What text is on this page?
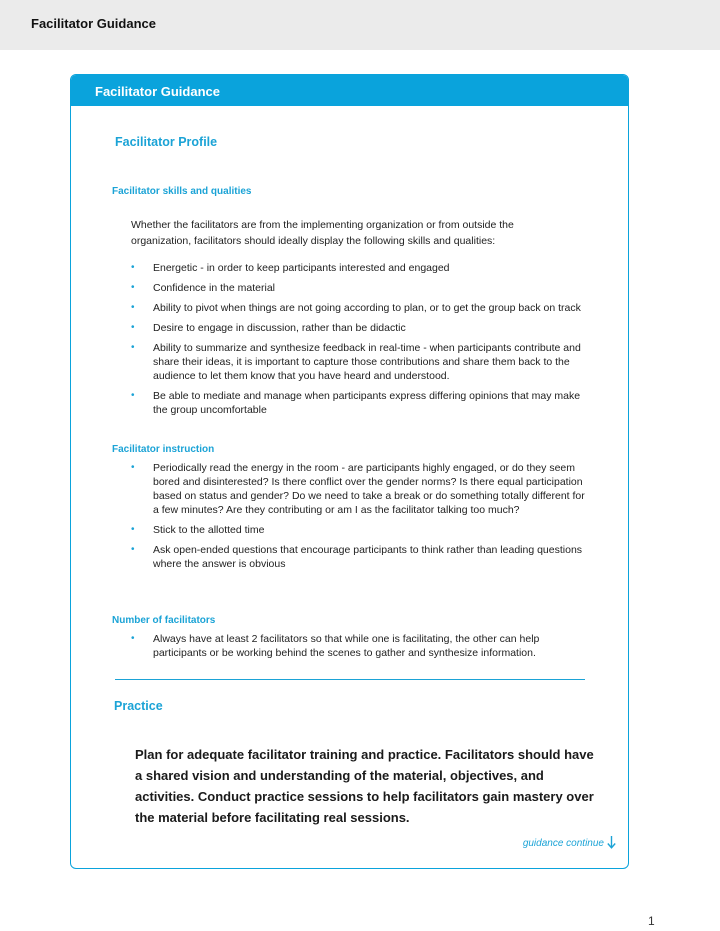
Facilitator Guidance
Facilitator Guidance
Facilitator Profile
Facilitator skills and qualities
Whether the facilitators are from the implementing organization or from outside the
organization, facilitators should ideally display the following skills and qualities:
• Energetic - in order to keep participants interested and engaged
• Confidence in the material
• Ability to pivot when things are not going according to plan, or to get the group back on track
• Desire to engage in discussion, rather than be didactic
• Ability to summarize and synthesize feedback in real-time - when participants contribute and share their ideas, it is important to capture those contributions and share them back to the audience to let them know that you have heard and understood.
• Be able to mediate and manage when participants express differing opinions that may make the group uncomfortable
Facilitator instruction
• Periodically read the energy in the room - are participants highly engaged, or do they seem bored and disinterested? Is there conflict over the gender norms? Is there equal participation based on status and gender? Do we need to take a break or do something totally different for a few minutes? Are they contributing or am I as the facilitator talking too much?
• Stick to the allotted time
• Ask open-ended questions that encourage participants to think rather than leading questions where the answer is obvious
Number of facilitators
• Always have at least 2 facilitators so that while one is facilitating, the other can help participants or be working behind the scenes to gather and synthesize information.
Practice
Plan for adequate facilitator training and practice. Facilitators should have a shared vision and understanding of the material, objectives, and activities. Conduct practice sessions to help facilitators gain mastery over the material before facilitating real sessions.
guidance continue
1
